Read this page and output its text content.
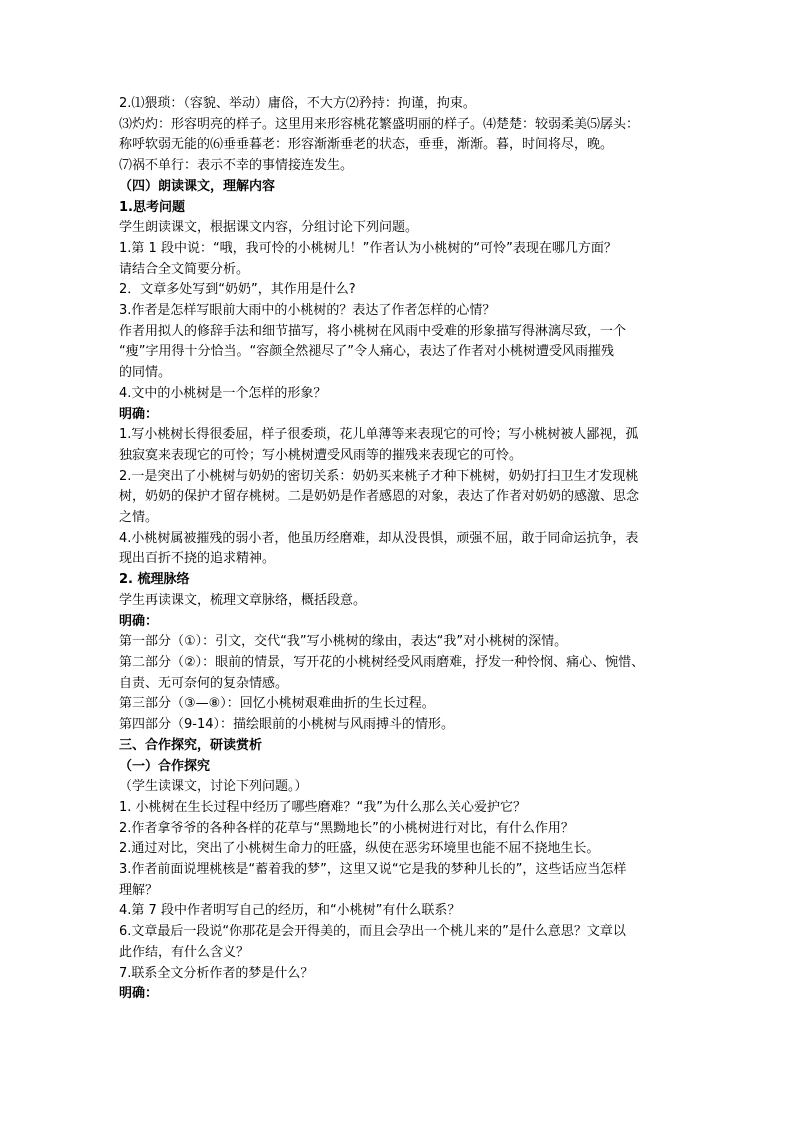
2.⑴猥琐：（容貌、举动）庸俗，不大方⑵矜持：拘谨，拘束。
⑶灼灼：形容明亮的样子。这里用来形容桃花繁盛明丽的样子。⑷楚楚：较弱柔美⑸孱头：
称呼软弱无能的⑹垂垂暮老：形容渐渐垂老的状态，垂垂，渐渐。暮，时间将尽，晚。
⑺祸不单行：表示不幸的事情接连发生。
（四）朗读课文，理解内容
1.思考问题
学生朗读课文，根据课文内容，分组讨论下列问题。
1.第 1 段中说：“哦，我可怜的小桃树儿！”作者认为小桃树的“可怜”表现在哪几方面？
请结合全文简要分析。
2．文章多处写到“奶奶”，其作用是什么?
3.作者是怎样写眼前大雨中的小桃树的？表达了作者怎样的心情？
作者用拟人的修辞手法和细节描写，将小桃树在风雨中受难的形象描写得淋漓尽致，一个
“瘦”字用得十分恰当。“容颜全然褪尽了”令人痛心，表达了作者对小桃树遭受风雨摧残
的同情。
4.文中的小桃树是一个怎样的形象？
明确：
1.写小桃树长得很委屈，样子很委琐，花儿单薄等来表现它的可怜；写小桃树被人鄙视，孤
独寂寞来表现它的可怜；写小桃树遭受风雨等的摧残来表现它的可怜。
2.一是突出了小桃树与奶奶的密切关系：奶奶买来桃子才种下桃树，奶奶打扫卫生才发现桃
树，奶奶的保护才留存桃树。二是奶奶是作者感恩的对象，表达了作者对奶奶的感激、思念
之情。
4.小桃树属被摧残的弱小者，他虽历经磨难，却从没畏惧，顽强不屈，敢于同命运抗争，表
现出百折不挠的追求精神。
2. 梳理脉络
学生再读课文，梳理文章脉络，概括段意。
明确：
第一部分（①）：引文，交代“我”写小桃树的缘由，表达“我”对小桃树的深情。
第二部分（②）：眼前的情景，写开花的小桃树经受风雨磨难，抒发一种怜悯、痛心、惋惜、
自责、无可奈何的复杂情感。
第三部分（③—⑧）：回忆小桃树艰难曲折的生长过程。
第四部分（9-14）：描绘眼前的小桃树与风雨搏斗的情形。
三、合作探究，研读赏析
（一）合作探究
（学生读课文，讨论下列问题。）
1. 小桃树在生长过程中经历了哪些磨难？“我”为什么那么关心爱护它？
2.作者拿爷爷的各种各样的花草与“黑黝地长”的小桃树进行对比，有什么作用？
2.通过对比，突出了小桃树生命力的旺盛，纵使在恶劣环境里也能不屈不挠地生长。
3.作者前面说埋桃核是“蓄着我的梦”，这里又说“它是我的梦种儿长的”，这些话应当怎样
理解？
4.第 7 段中作者明写自己的经历，和“小桃树”有什么联系？
6.文章最后一段说“你那花是会开得美的，而且会孕出一个桃儿来的”是什么意思？文章以
此作结，有什么含义？
7.联系全文分析作者的梦是什么？
明确：
